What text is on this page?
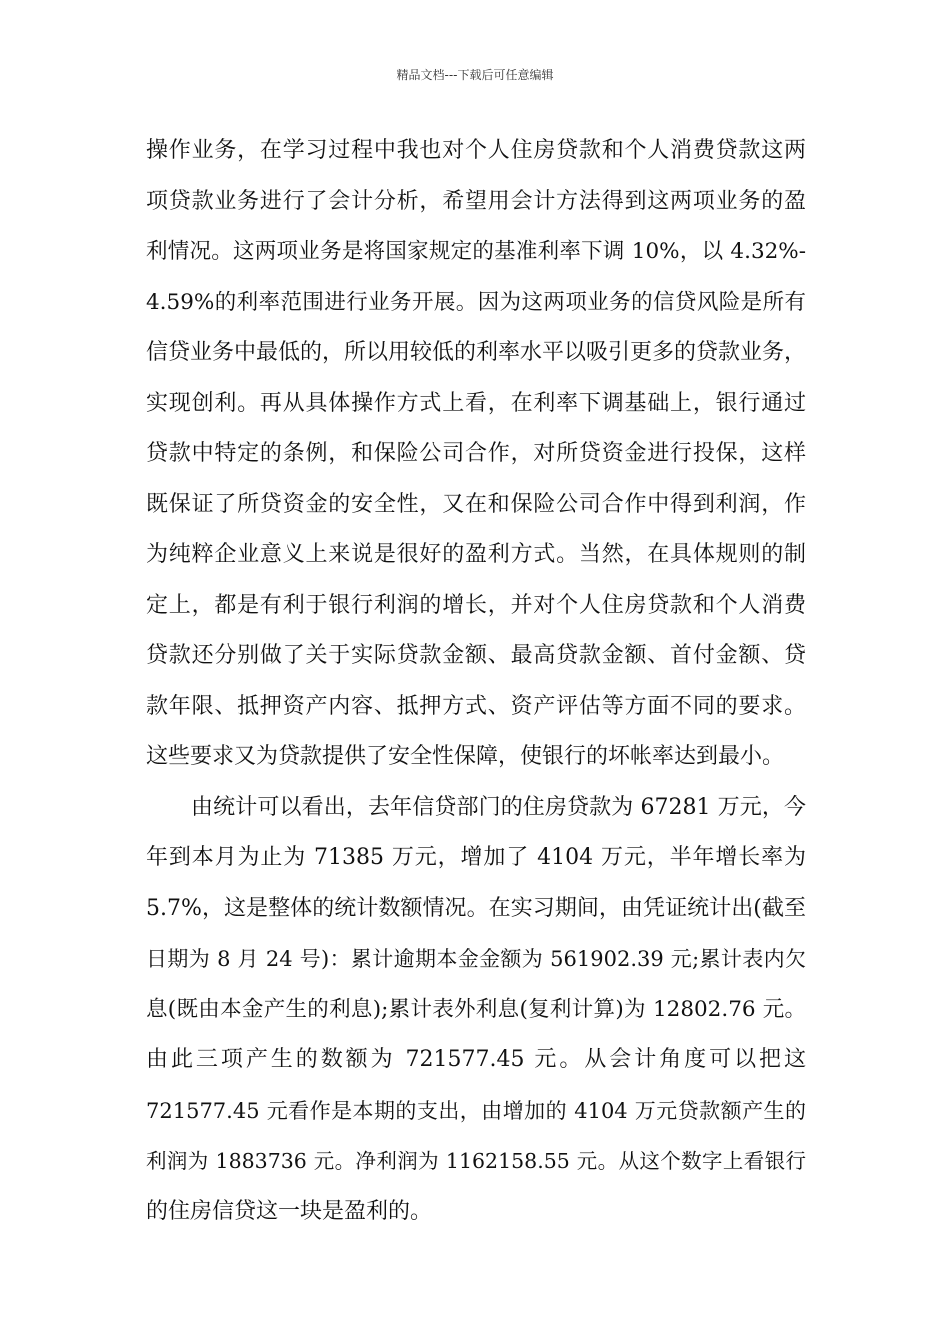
精品文档---下载后可任意编辑
操作业务，在学习过程中我也对个人住房贷款和个人消费贷款这两
项贷款业务进行了会计分析，希望用会计方法得到这两项业务的盈
利情况。这两项业务是将国家规定的基准利率下调 10%，以 4.32%-
4.59%的利率范围进行业务开展。因为这两项业务的信贷风险是所有
信贷业务中最低的，所以用较低的利率水平以吸引更多的贷款业务，
实现创利。再从具体操作方式上看，在利率下调基础上，银行通过
贷款中特定的条例，和保险公司合作，对所贷资金进行投保，这样
既保证了所贷资金的安全性，又在和保险公司合作中得到利润，作
为纯粹企业意义上来说是很好的盈利方式。当然，在具体规则的制
定上，都是有利于银行利润的增长，并对个人住房贷款和个人消费
贷款还分别做了关于实际贷款金额、最高贷款金额、首付金额、贷
款年限、抵押资产内容、抵押方式、资产评估等方面不同的要求。
这些要求又为贷款提供了安全性保障，使银行的坏帐率达到最小。
由统计可以看出，去年信贷部门的住房贷款为 67281 万元，今
年到本月为止为 71385 万元，增加了 4104 万元，半年增长率为
5.7%，这是整体的统计数额情况。在实习期间，由凭证统计出(截至
日期为 8 月 24 号)：累计逾期本金金额为 561902.39 元;累计表内欠
息(既由本金产生的利息);累计表外利息(复利计算)为 12802.76 元。
由此三项产生的数额为 721577.45 元。从会计角度可以把这
721577.45 元看作是本期的支出，由增加的 4104 万元贷款额产生的
利润为 1883736 元。净利润为 1162158.55 元。从这个数字上看银行
的住房信贷这一块是盈利的。
